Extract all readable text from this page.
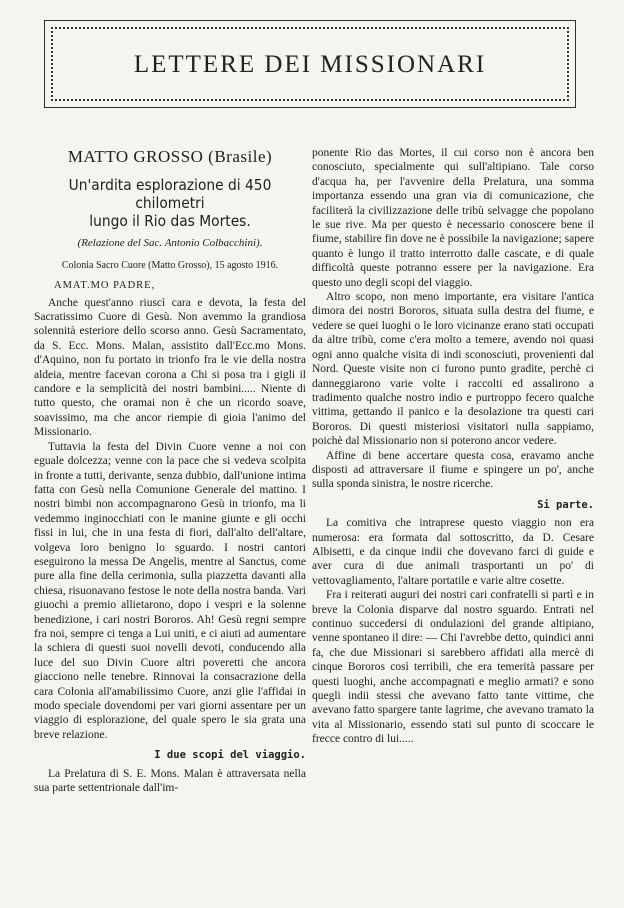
LETTERE DEI MISSIONARI
MATTO GROSSO (Brasile)
Un'ardita esplorazione di 450 chilometri
lungo il Rio das Mortes.
(Relazione del Sac. Antonio Colbacchini).
Colonia Sacro Cuore (Matto Grosso), 15 agosto 1916.
AMAT.MO PADRE,

Anche quest'anno riuscì cara e devota, la festa del Sacratissimo Cuore di Gesù. Non avemmo la grandiosa solennità esteriore dello scorso anno. Gesù Sacramentato, da S. Ecc. Mons. Malan, assistito dall'Ecc.mo Mons. d'Aquino, non fu portato in trionfo fra le vie della nostra aldeia, mentre facevan corona a Chi si posa tra i gigli il candore e la semplicità dei nostri bambini..... Niente di tutto questo, che oramai non è che un ricordo soave, soavissimo, ma che ancor riempie di gioia l'animo del Missionario.

Tuttavia la festa del Divin Cuore venne a noi con eguale dolcezza; venne con la pace che si vedeva scolpita in fronte a tutti, derivante, senza dubbio, dall'unione intima fatta con Gesù nella Comunione Generale del mattino. I nostri bimbi non accompagnarono Gesù in trionfo, ma li vedemmo inginocchiati con le manine giunte e gli occhi fissi in lui, che in una festa di fiori, dall'alto dell'altare, volgeva loro benigno lo sguardo. I nostri cantori eseguirono la messa De Angelis, mentre al Sanctus, come pure alla fine della cerimonia, sulla piazzetta davanti alla chiesa, risuonavano festose le note della nostra banda. Vari giuochi a premio allietarono, dopo i vespri e la solenne benedizione, i cari nostri Bororos. Ah! Gesù regni sempre fra noi, sempre ci tenga a Lui uniti, e ci aiuti ad aumentare la schiera di questi suoi novelli devoti, conducendo alla luce del suo Divin Cuore altri poveretti che ancora giacciono nelle tenebre. Rinnovai la consacrazione della cara Colonia all'amabilissimo Cuore, anzi glie l'affidai in modo speciale dovendomi per vari giorni assentare per un viaggio di esplorazione, del quale spero le sia grata una breve relazione.

I due scopi del viaggio.

La Prelatura di S. E. Mons. Malan è attraversata nella sua parte settentrionale dall'im-

ponente Rio das Mortes, il cui corso non è ancora ben conosciuto, specialmente qui sull'altipiano. Tale corso d'acqua ha, per l'avvenire della Prelatura, una somma importanza essendo una gran via di comunicazione, che faciliterà la civilizzazione delle tribù selvagge che popolano le sue rive. Ma per questo è necessario conoscere bene il fiume, stabilire fin dove ne è possibile la navigazione; sapere quanto è lungo il tratto interrotto dalle cascate, e di quale difficoltà queste potranno essere per la navigazione. Era questo uno degli scopi del viaggio.

Altro scopo, non meno importante, era visitare l'antica dimora dei nostri Bororos, situata sulla destra del fiume, e vedere se quei luoghi o le loro vicinanze erano stati occupati da altre tribù, come c'era molto a temere, avendo noi quasi ogni anno qualche visita di indi sconosciuti, provenienti dal Nord. Queste visite non ci furono punto gradite, perchè ci danneggiarono varie volte i raccolti ed assalirono a tradimento qualche nostro indio e purtroppo fecero qualche vittima, gettando il panico e la desolazione tra questi cari Bororos. Di questi misteriosi visitatori nulla sappiamo, poichè dal Missionario non si poterono ancor vedere.

Affine di bene accertare questa cosa, eravamo anche disposti ad attraversare il fiume e spingere un po', anche sulla sponda sinistra, le nostre ricerche.

Si parte.

La comitiva che intraprese questo viaggio non era numerosa: era formata dal sottoscritto, da D. Cesare Albisetti, e da cinque indii che dovevano farci di guide e aver cura di due animali trasportanti un po' di vettovagliamento, l'altare portatile e varie altre cosette.

Fra i reiterati auguri dei nostri cari confratelli si partì e in breve la Colonia disparve dal nostro sguardo. Entrati nel continuo succedersi di ondulazioni del grande altipiano, venne spontaneo il dire: — Chi l'avrebbe detto, quindici anni fa, che due Missionari si sarebbero affidati alla mercè di cinque Bororos così terribili, che era temerità passare per questi luoghi, anche accompagnati e meglio armati? e sono quegli indii stessi che avevano fatto tante vittime, che avevano fatto spargere tante lagrime, che avevano tramato la vita al Missionario, essendo stati sul punto di scoccare le frecce contro di lui.....
